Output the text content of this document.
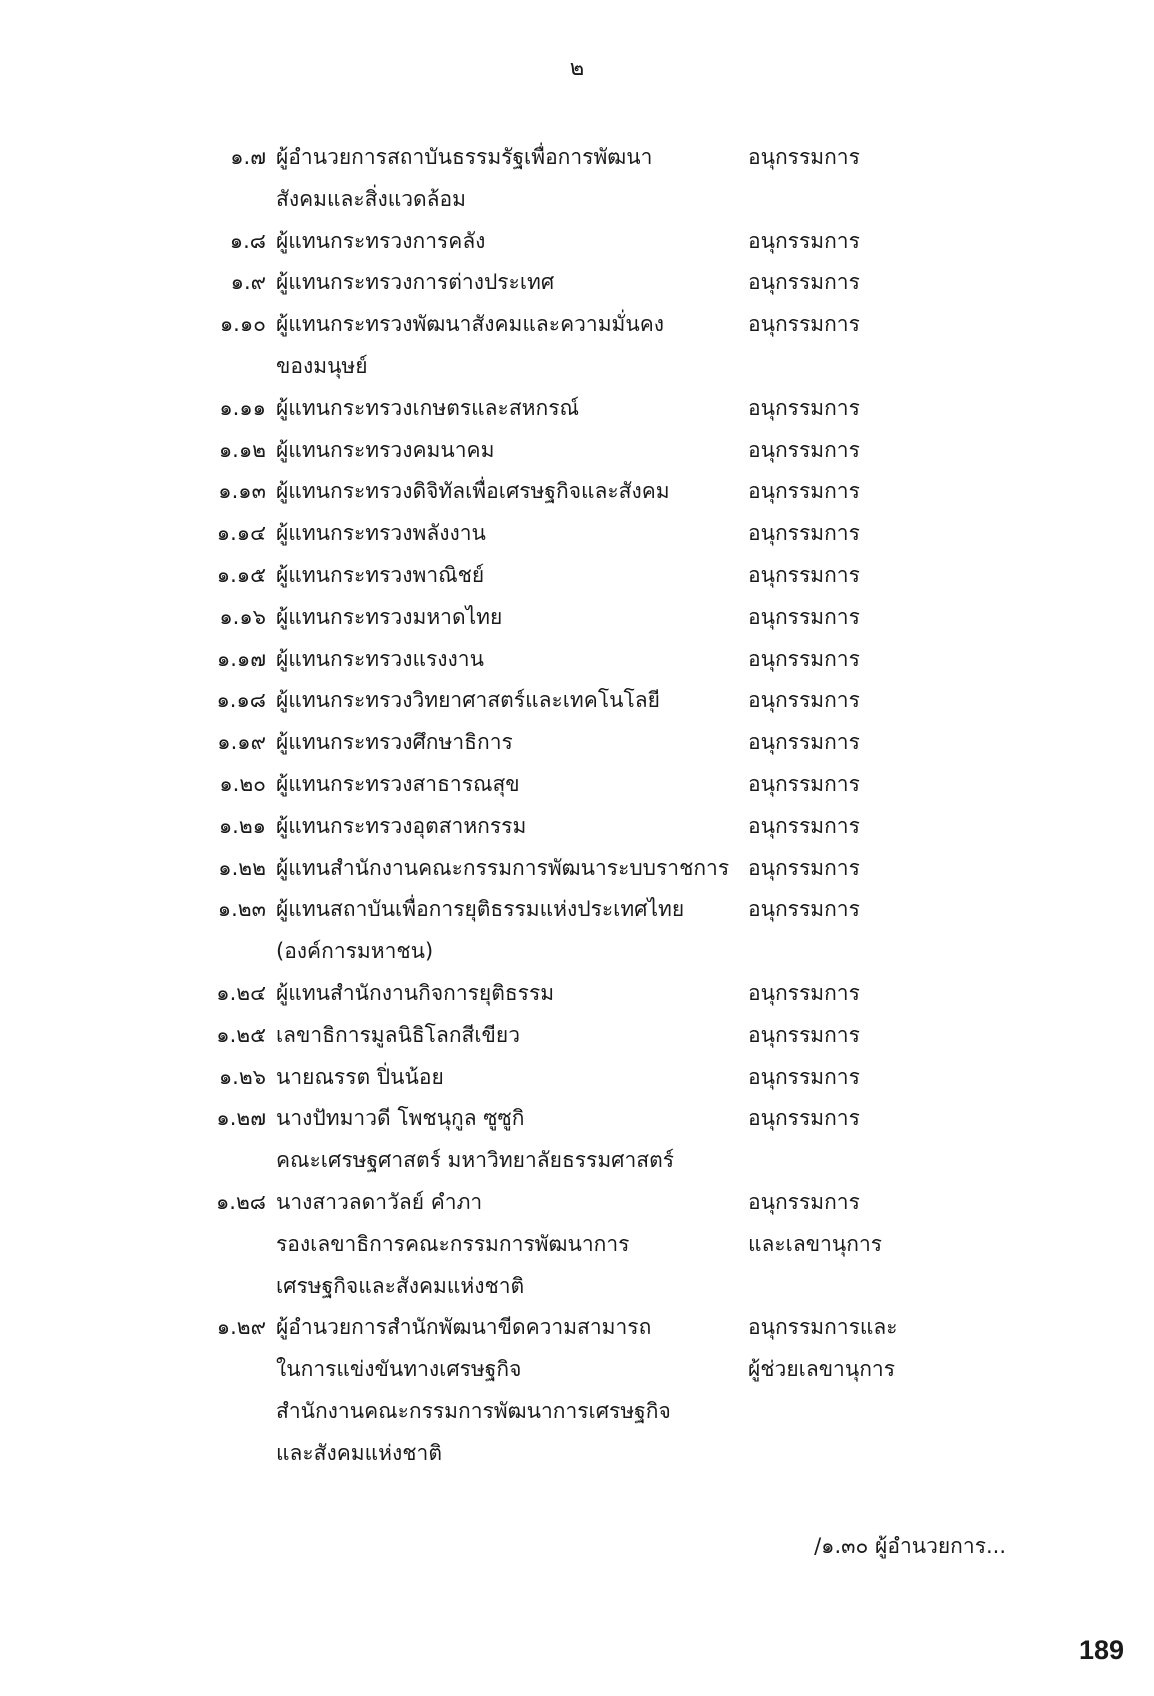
๒
๑.๗ ผู้อำนวยการสถาบันธรรมรัฐเพื่อการพัฒนา	อนุกรรมการ
สังคมและสิ่งแวดล้อม
๑.๘ ผู้แทนกระทรวงการคลัง	อนุกรรมการ
๑.๙ ผู้แทนกระทรวงการต่างประเทศ	อนุกรรมการ
๑.๑๐ ผู้แทนกระทรวงพัฒนาสังคมและความมั่นคง	อนุกรรมการ
ของมนุษย์
๑.๑๑ ผู้แทนกระทรวงเกษตรและสหกรณ์	อนุกรรมการ
๑.๑๒ ผู้แทนกระทรวงคมนาคม	อนุกรรมการ
๑.๑๓ ผู้แทนกระทรวงดิจิทัลเพื่อเศรษฐกิจและสังคม	อนุกรรมการ
๑.๑๔ ผู้แทนกระทรวงพลังงาน	อนุกรรมการ
๑.๑๕ ผู้แทนกระทรวงพาณิชย์	อนุกรรมการ
๑.๑๖ ผู้แทนกระทรวงมหาดไทย	อนุกรรมการ
๑.๑๗ ผู้แทนกระทรวงแรงงาน	อนุกรรมการ
๑.๑๘ ผู้แทนกระทรวงวิทยาศาสตร์และเทคโนโลยี	อนุกรรมการ
๑.๑๙ ผู้แทนกระทรวงศึกษาธิการ	อนุกรรมการ
๑.๒๐ ผู้แทนกระทรวงสาธารณสุข	อนุกรรมการ
๑.๒๑ ผู้แทนกระทรวงอุตสาหกรรม	อนุกรรมการ
๑.๒๒ ผู้แทนสำนักงานคณะกรรมการพัฒนาระบบราชการ อนุกรรมการ
๑.๒๓ ผู้แทนสถาบันเพื่อการยุติธรรมแห่งประเทศไทย	อนุกรรมการ
(องค์การมหาชน)
๑.๒๔ ผู้แทนสำนักงานกิจการยุติธรรม	อนุกรรมการ
๑.๒๕ เลขาธิการมูลนิธิโลกสีเขียว	อนุกรรมการ
๑.๒๖ นายณรรต ปิ่นน้อย	อนุกรรมการ
๑.๒๗ นางปัทมาวดี โพชนุกูล ซูซูกิ	อนุกรรมการ
คณะเศรษฐศาสตร์ มหาวิทยาลัยธรรมศาสตร์
๑.๒๘ นางสาวลดาวัลย์ คำภา	อนุกรรมการ
รองเลขาธิการคณะกรรมการพัฒนาการ	และเลขานุการ
เศรษฐกิจและสังคมแห่งชาติ
๑.๒๙ ผู้อำนวยการสำนักพัฒนาขีดความสามารถ	อนุกรรมการและ
ในการแข่งขันทางเศรษฐกิจ	ผู้ช่วยเลขานุการ
สำนักงานคณะกรรมการพัฒนาการเศรษฐกิจ
และสังคมแห่งชาติ
/๑.๓๐ ผู้อำนวยการ...
189
